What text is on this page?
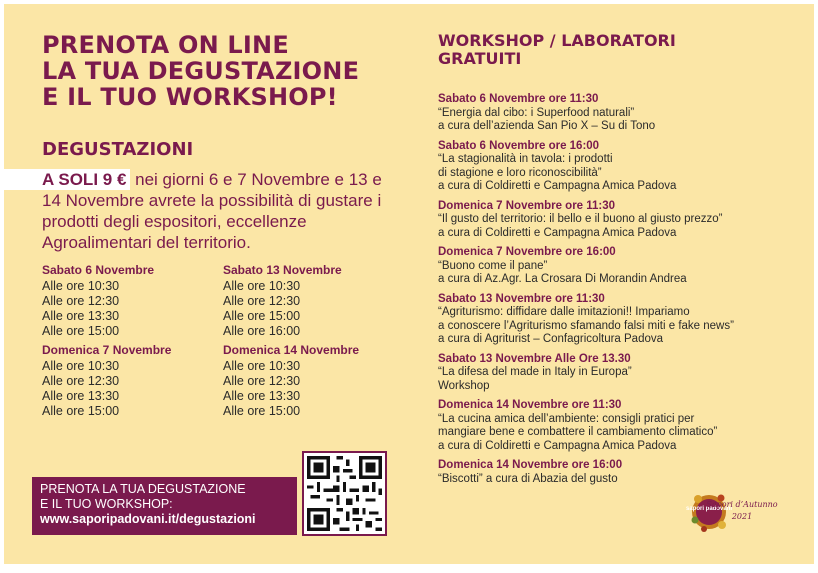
PRENOTA ON LINE
LA TUA DEGUSTAZIONE
E IL TUO WORKSHOP!
DEGUSTAZIONI
A SOLI 9 € nei giorni 6 e 7 Novembre e 13 e 14 Novembre avrete la possibilità di gustare i prodotti degli espositori, eccellenze Agroalimentari del territorio.
Sabato 6 Novembre
Alle ore 10:30
Alle ore 12:30
Alle ore 13:30
Alle ore 15:00
Sabato 13 Novembre
Alle ore 10:30
Alle ore 12:30
Alle ore 15:00
Alle ore 16:00
Domenica 7 Novembre
Alle ore 10:30
Alle ore 12:30
Alle ore 13:30
Alle ore 15:00
Domenica 14 Novembre
Alle ore 10:30
Alle ore 12:30
Alle ore 13:30
Alle ore 15:00
PRENOTA LA TUA DEGUSTAZIONE
E IL TUO WORKSHOP:
www.saporipadovani.it/degustazioni
WORKSHOP / LABORATORI
GRATUITI
Sabato 6 Novembre ore 11:30
“Energia dal cibo: i Superfood naturali”
a cura dell’azienda San Pio X – Su di Tono
Sabato 6 Novembre ore 16:00
“La stagionalità in tavola: i prodotti
di stagione e loro riconoscibilità”
a cura di Coldiretti e Campagna Amica Padova
Domenica 7 Novembre ore 11:30
“Il gusto del territorio: il bello e il buono al giusto prezzo”
a cura di Coldiretti e Campagna Amica Padova
Domenica 7 Novembre ore 16:00
“Buono come il pane”
a cura di Az.Agr. La Crosara Di Morandin Andrea
Sabato 13 Novembre ore 11:30
“Agriturismo: diffidare dalle imitazioni!! Impariamo
a conoscere l’Agriturismo sfamando falsi miti e fake news”
a cura di Agriturist – Confagricoltura Padova
Sabato 13 Novembre Alle Ore 13.30
“La difesa del made in Italy in Europa”
Workshop
Domenica 14 Novembre ore 11:30
“La cucina amica dell’ambiente: consigli pratici per
mangiare bene e combattere il cambiamento climatico”
a cura di Coldiretti e Campagna Amica Padova
Domenica 14 Novembre ore 16:00
“Biscotti” a cura di Abazia del gusto
sapori padovani
Sapori d’Autunno
2021
